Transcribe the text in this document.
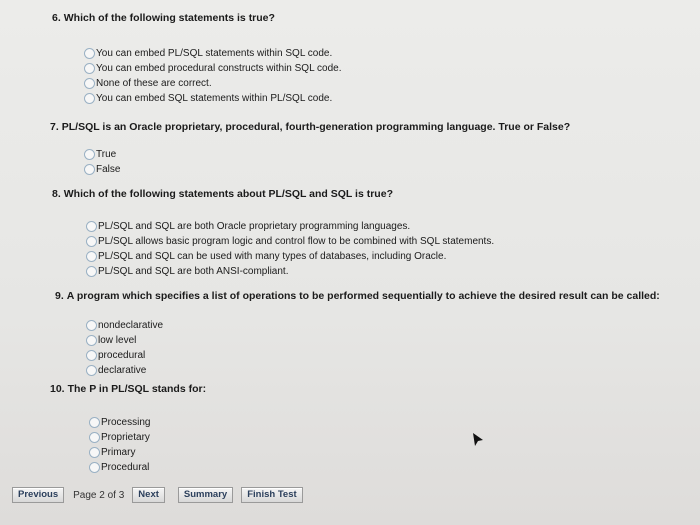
6. Which of the following statements is true?
You can embed PL/SQL statements within SQL code.
You can embed procedural constructs within SQL code.
None of these are correct.
You can embed SQL statements within PL/SQL code.
7. PL/SQL is an Oracle proprietary, procedural, fourth-generation programming language. True or False?
True
False
8. Which of the following statements about PL/SQL and SQL is true?
PL/SQL and SQL are both Oracle proprietary programming languages.
PL/SQL allows basic program logic and control flow to be combined with SQL statements.
PL/SQL and SQL can be used with many types of databases, including Oracle.
PL/SQL and SQL are both ANSI-compliant.
9. A program which specifies a list of operations to be performed sequentially to achieve the desired result can be called:
nondeclarative
low level
procedural
declarative
10. The P in PL/SQL stands for:
Processing
Proprietary
Primary
Procedural
Previous	Page 2 of 3	Next	Summary	Finish Test
